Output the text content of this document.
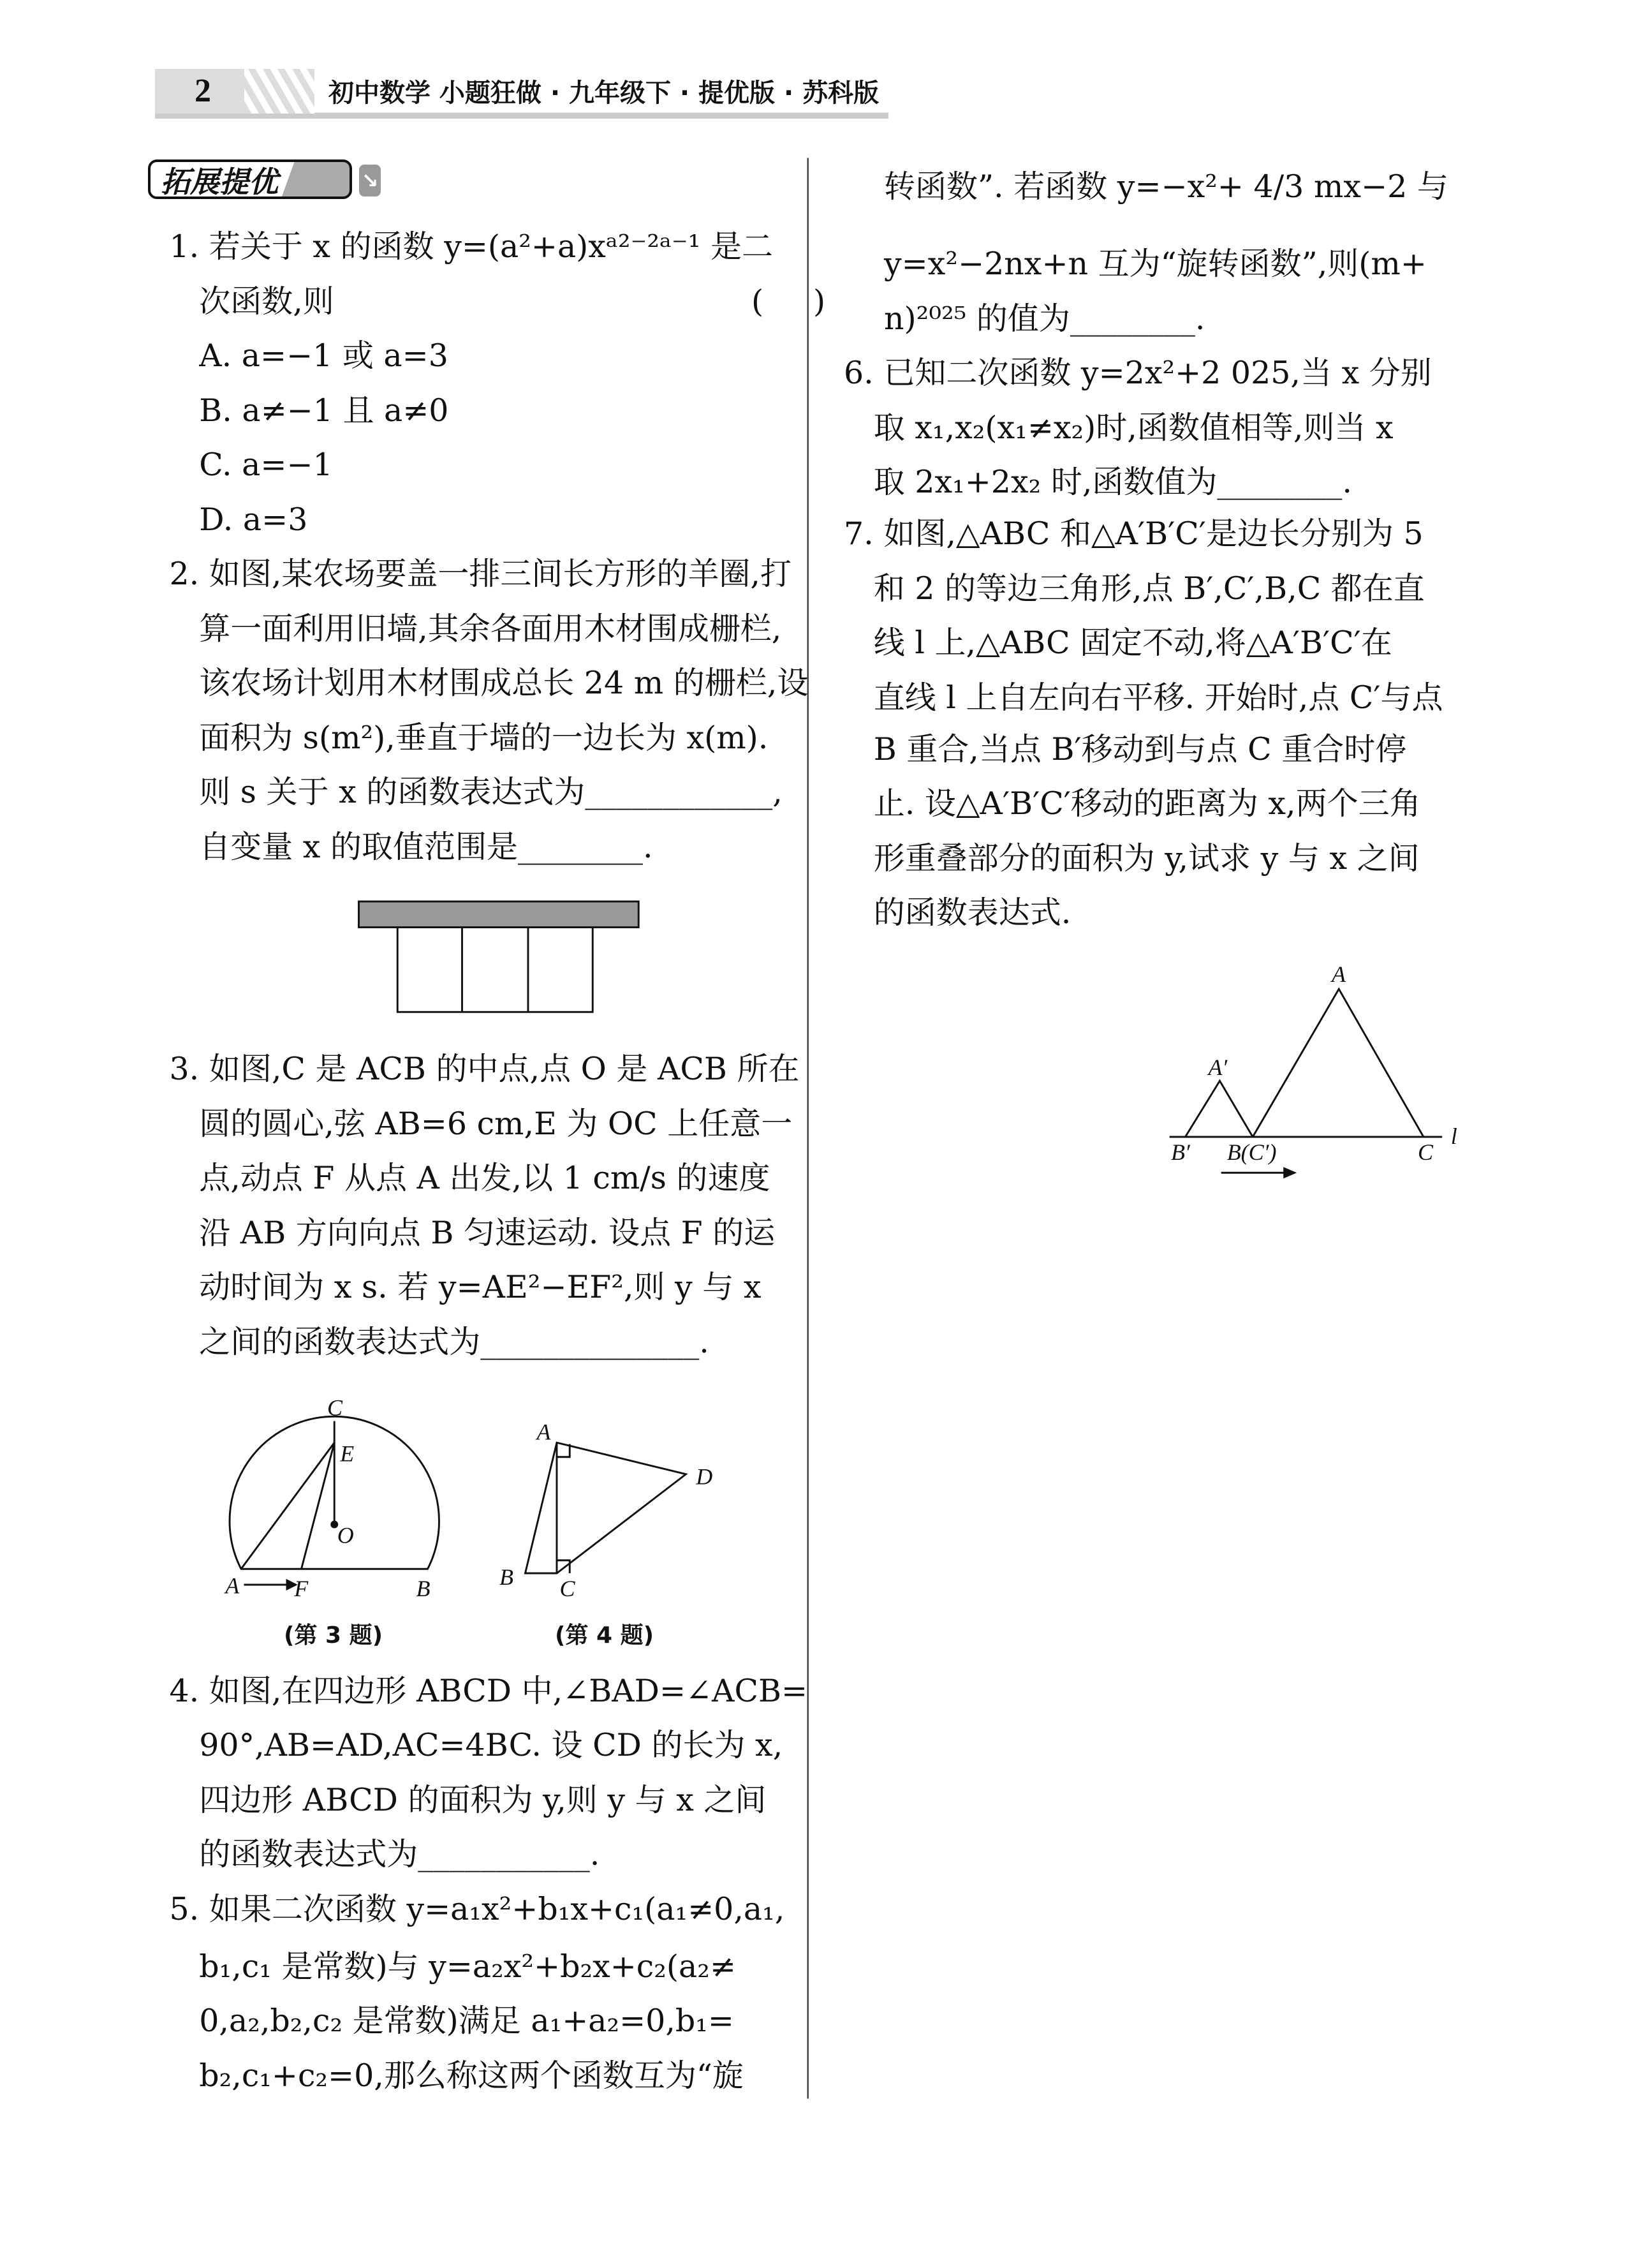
2	初中数学 小题狂做 · 九年级下 · 提优版 · 苏科版
拓展提优	↘
1. 若关于 x 的函数 y=(a²+a)xᵃ²⁻²ᵃ⁻¹ 是二
次函数,则                                          (     )
A. a=−1 或 a=3
B. a≠−1 且 a≠0
C. a=−1
D. a=3
2. 如图,某农场要盖一排三间长方形的羊圈,打
算一面利用旧墙,其余各面用木材围成栅栏,
该农场计划用木材围成总长 24 m 的栅栏,设
面积为 s(m²),垂直于墙的一边长为 x(m).
则 s 关于 x 的函数表达式为____________,
自变量 x 的取值范围是________.
3. 如图,C 是 ACB 的中点,点 O 是 ACB 所在
圆的圆心,弦 AB=6 cm,E 为 OC 上任意一
点,动点 F 从点 A 出发,以 1 cm/s 的速度
沿 AB 方向向点 B 匀速运动. 设点 F 的运
动时间为 x s. 若 y=AE²−EF²,则 y 与 x
之间的函数表达式为______________.
4. 如图,在四边形 ABCD 中,∠BAD=∠ACB=
90°,AB=AD,AC=4BC. 设 CD 的长为 x,
四边形 ABCD 的面积为 y,则 y 与 x 之间
的函数表达式为___________.
5. 如果二次函数 y=a₁x²+b₁x+c₁(a₁≠0,a₁,
b₁,c₁ 是常数)与 y=a₂x²+b₂x+c₂(a₂≠
0,a₂,b₂,c₂ 是常数)满足 a₁+a₂=0,b₁=
b₂,c₁+c₂=0,那么称这两个函数互为“旋
转函数”. 若函数 y=−x²+ 4/3 mx−2 与
y=x²−2nx+n 互为“旋转函数”,则(m+
n)²⁰²⁵ 的值为________.
6. 已知二次函数 y=2x²+2 025,当 x 分别
取 x₁,x₂(x₁≠x₂)时,函数值相等,则当 x
取 2x₁+2x₂ 时,函数值为________.
7. 如图,△ABC 和△A′B′C′是边长分别为 5
和 2 的等边三角形,点 B′,C′,B,C 都在直
线 l 上,△ABC 固定不动,将△A′B′C′在
直线 l 上自左向右平移. 开始时,点 C′与点
B 重合,当点 B′移动到与点 C 重合时停
止. 设△A′B′C′移动的距离为 x,两个三角
形重叠部分的面积为 y,试求 y 与 x 之间
的函数表达式.
C
E
O
A	F	B
A
B	C
D
A
A′
B′	B(C′)	C
l
(第 3 题)	(第 4 题)
